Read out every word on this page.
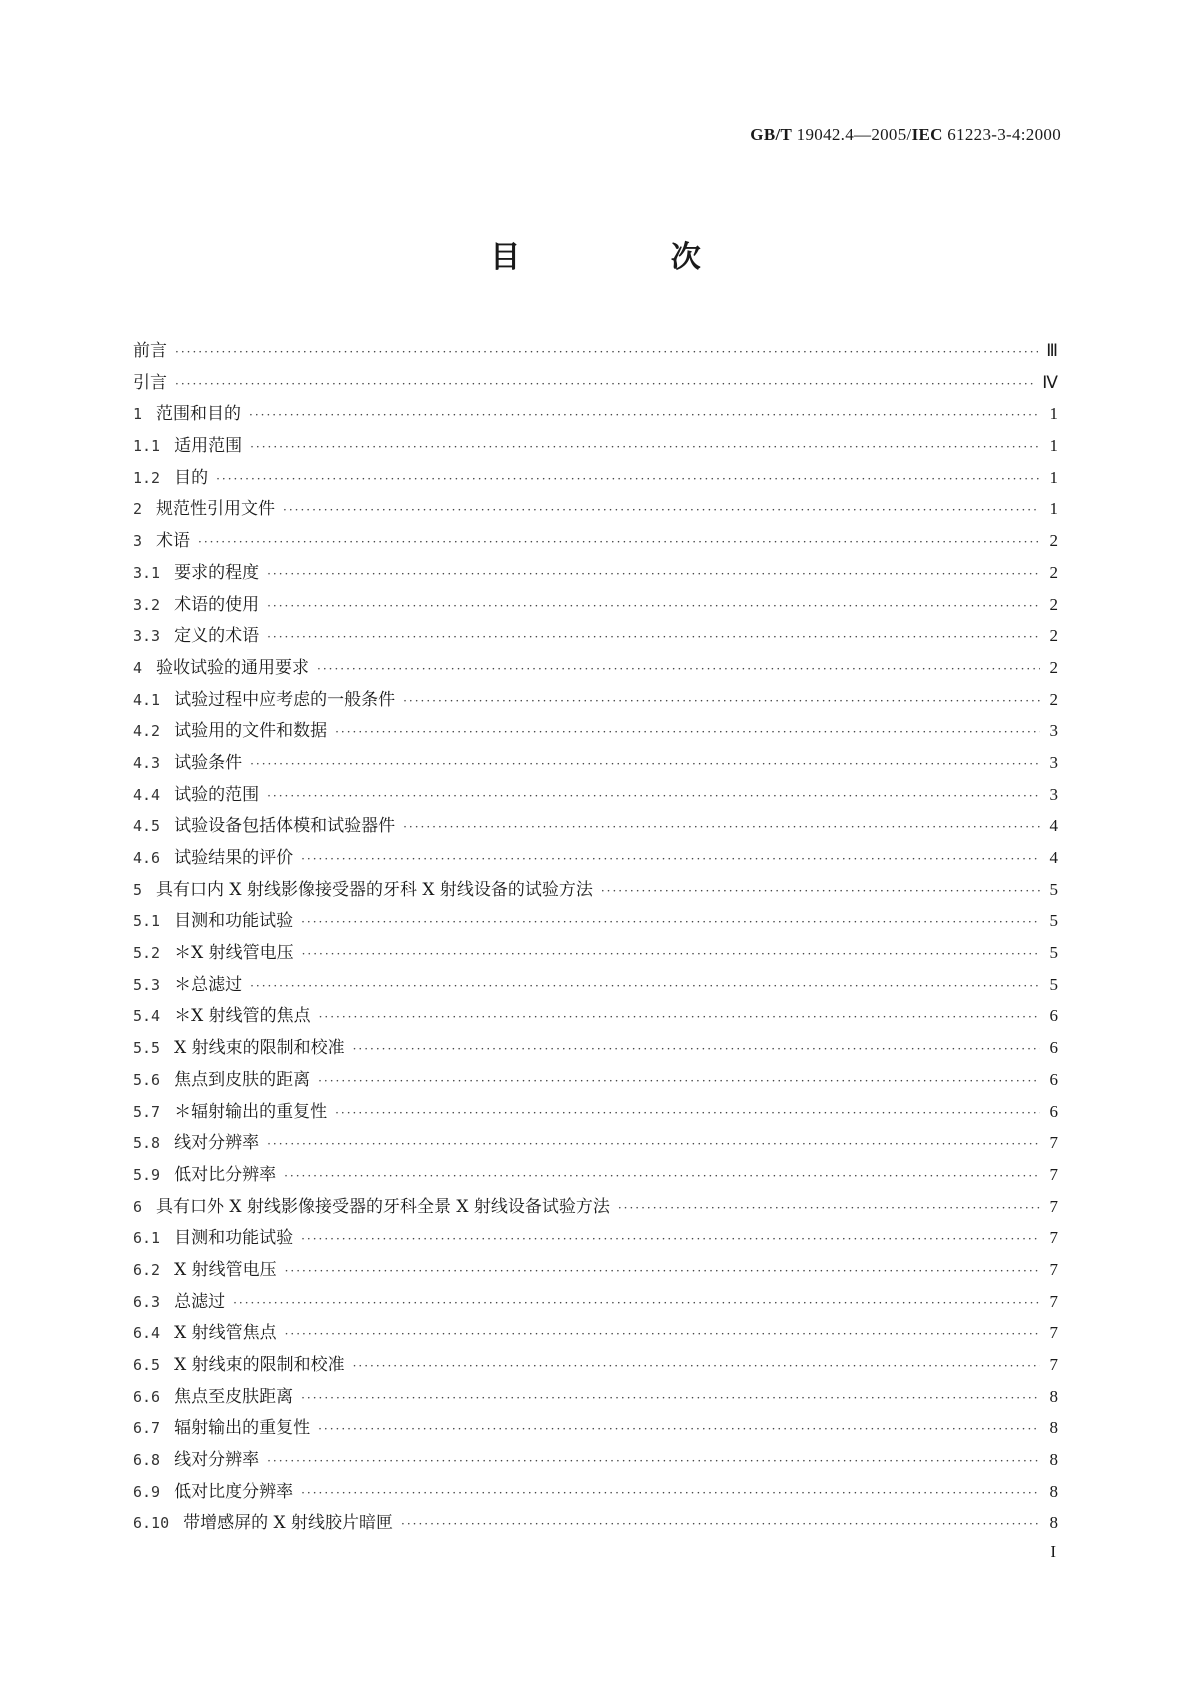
GB/T 19042.4—2005/IEC 61223-3-4:2000
目 次
前言 ·····	Ⅲ
引言 ·····	Ⅳ
1 范围和目的 ·····	1
1.1 适用范围 ·····	1
1.2 目的 ·····	1
2 规范性引用文件 ·····	1
3 术语 ·····	2
3.1 要求的程度 ·····	2
3.2 术语的使用 ·····	2
3.3 定义的术语 ·····	2
4 验收试验的通用要求 ·····	2
4.1 试验过程中应考虑的一般条件 ·····	2
4.2 试验用的文件和数据 ·····	3
4.3 试验条件 ·····	3
4.4 试验的范围 ·····	3
4.5 试验设备包括体模和试验器件 ·····	4
4.6 试验结果的评价 ·····	4
5 具有口内 X 射线影像接受器的牙科 X 射线设备的试验方法 ·····	5
5.1 目测和功能试验 ·····	5
5.2 ＊X 射线管电压 ·····	5
5.3 ＊总滤过 ·····	5
5.4 ＊X 射线管的焦点 ·····	6
5.5 X 射线束的限制和校准 ·····	6
5.6 焦点到皮肤的距离 ·····	6
5.7 ＊辐射输出的重复性 ·····	6
5.8 线对分辨率 ·····	7
5.9 低对比分辨率 ·····	7
6 具有口外 X 射线影像接受器的牙科全景 X 射线设备试验方法 ·····	7
6.1 目测和功能试验 ·····	7
6.2 X 射线管电压 ·····	7
6.3 总滤过 ·····	7
6.4 X 射线管焦点 ·····	7
6.5 X 射线束的限制和校准 ·····	7
6.6 焦点至皮肤距离 ·····	8
6.7 辐射输出的重复性 ·····	8
6.8 线对分辨率 ·····	8
6.9 低对比度分辨率 ·····	8
6.10 带增感屏的 X 射线胶片暗匣 ·····	8
I
